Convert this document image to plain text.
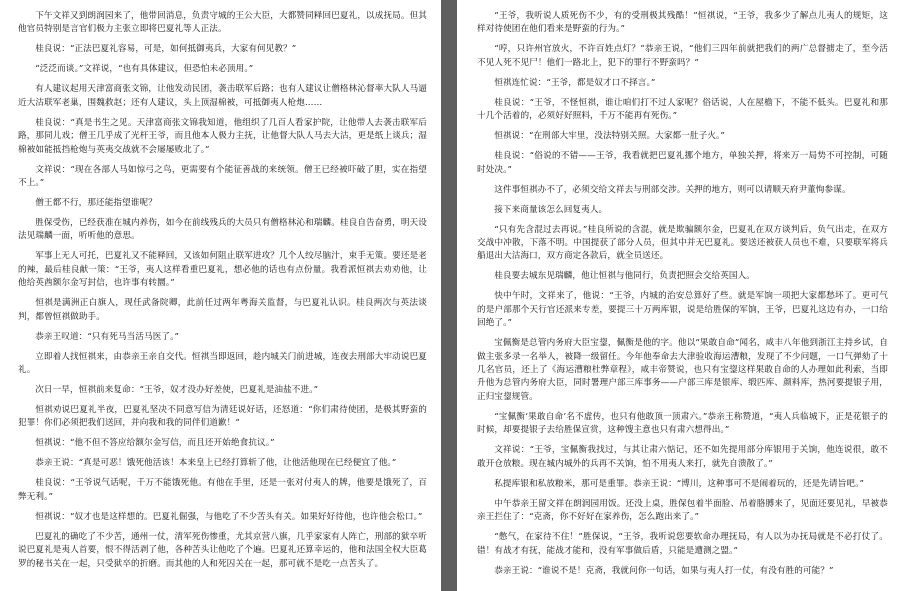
下午文祥又到朗润园来了，他带回消息，负责守城的王公大臣，大都赞同释回巴夏礼，以成抚局。但其他官员特别是言官们极力主张立即将巴夏礼等人正法。

桂良说：“正法巴夏礼容易，可是，如何抵御夷兵，大家有何见教？”

“泛泛而谈。”文祥说，“也有具体建议，但恐怕未必顶用。”

有人建议起用天津富商张文锦，让他发动民团，袭击联军后路；也有人建议让僧格林沁督率大队人马逼近大沽联军老巢，围魏救赵；还有人建议，头上顶湿棉被，可抵御夷人枪炮……

桂良说：“真是书生之见。天津富商张文锦我知道，他组织了几百人看家护院，让他带人去袭击联军后路，那同儿戏；僧王几乎成了光杆王爷，而且他本人极力主抚，让他督大队人马去大沽，更是纸上谈兵；湿棉被如能抵挡枪炮与英夷交战就不会屡屡败北了。”

文祥说：“现在各部人马如惊弓之鸟，更需要有个能征善战的来统领。僧王已经被吓破了胆，实在指望不上。”

僧王都不行，那还能指望谁呢？

胜保受伤，已经获准在城内养伤，如今在前线残兵的大员只有僧格林沁和瑞麟。桂良自告奋勇，明天设法见瑞麟一面，听听他的意思。

军事上无人可托，巴夏礼又不能释回，又该如何阻止联军进攻？几个人绞尽脑汁，束手无策。要还是老的辣，最后桂良献一策：“王爷，夷人这样看重巴夏礼，想必他的话也有点份量。我看派恒祺去劝劝他，让他给英酋额尔金写封信，也许事有转圜。”

恒祺是满洲正白旗人，现任武备院卿，此前任过两年粤海关监督，与巴夏礼认识。桂良两次与英法谈判，都曾恒祺做助手。

恭亲王叹道：“只有死马当活马医了。”

立即着人找恒祺来，由恭亲王亲自交代。恒祺当即返回，趁内城关门前进城，连夜去刑部大牢动说巴夏礼。

次日一早，恒祺前来复命：“王爷，奴才没办好差使，巴夏礼是油盐不进。”

恒祺劝说巴夏礼半夜，巴夏礼坚决不同意写信为清廷说好话，还怒道：“你们肃待使团，是极其野蛮的犯罪！你们必须把我们送回，并向我和我的同伴们道歉！”

恒祺说：“他不但不答应给额尔金写信，而且还开始绝食抗议。”

恭亲王说：“真是可恶！饿死他活该！本来皇上已经打算斩了他，让他活他现在已经便宜了他。”

桂良说：“王爷说气话呢，千万不能饿死他。有他在手里，还是一张对付夷人的牌，他要是饿死了，百弊无利。”

恒祺说：“奴才也是这样想的。巴夏礼倔强，与他吃了不少苦头有关。如果好好待他，也许他会松口。”

巴夏礼的确吃了不少苦，通州一仗，清军死伤惨重，尤其京营八旗，几乎家家有人阵亡，刑部的狱卒听说巴夏礼是夷人首要，恨不得活剥了他，各种苦头让他吃了个遍。巴夏礼还算幸运的，他和法国全权大臣葛罗的秘书关在一起，只受狱卒的折磨。而其他的人和死囚关在一起，那可就不是吃一点苦头了。

“王爷，我听说人质死伤不少，有的受刑极其残酷！”恒祺说，“王爷，我多少了解点儿夷人的规矩，这样对待使团在他们看来是野蛮的行为。”

“哼，只许州官放火，不许百姓点灯？”恭亲王说，“他们三四年前就把我们的两广总督掳走了，至今活不见人死不见尸！他们一路北上，犯下的罪行不野蛮吗？”

恒祺连忙说：“王爷，都是奴才口不择言。”

桂良说：“王爷，不怪恒祺，谁让咱们打不过人家呢？俗话说，人在屋檐下，不能不低头。巴夏礼和那十几个活着的，必须好好照料，千万不能再有死伤。”

恒祺说：“在刑部大牢里，没法特别关照。大家都一肚子火。”

桂良说：“俗说的不错——王爷，我看就把巴夏礼挪个地方，单独关押，将来万一局势不可控制，可随时处决。”

这件事恒祺办不了，必须交给文祥去与刑部交涉。关押的地方，则可以请顺天府尹董恂参谋。

接下来商量该怎么回复夷人。

“只有先含混过去再说。”桂良所说的含混，就是欺骗额尔金，巴夏礼在双方谈判后，负气出走，在双方交战中冲散，下落不明。中国提获了部分人员，但其中并无巴夏礼。要送还被获人员也不难，只要联军将兵船退出大沽海口，双方商定各款后，就全员送还。

桂良要去城东见瑞麟，他让恒祺与他同行，负责把照会交给英国人。

快中午时，文祥来了，他说：“王爷，内城的治安总算好了些。就是军饷一项把大家都愁坏了。更可气的是户部那个天行官还派来专差，要提三十万两库银，说是给胜保的军饷，王爷，巴夏礼这边有办，一口给回绝了。”

宝佩衡是总管内务府大臣宝鋆，佩衡是他的字。他以“果敢自命”闻名，咸丰八年他到浙江主持乡试，自做主张多录一名举人，被降一级留任。今年他奉命去大津验收海运漕粮，发现了不少问题，一口气弹劾了十几名官员，还上了《海运漕粮杜弊章程》，咸丰帝赞说，也只有宝鋆这样果敢自命的人办理如此利索，当即升他为总管内务府大臣，同时署理户部三库事务——户部三库是银库、缎匹库、颜料库，热河要提银子用，正归宝鋆规管。

“宝佩衡‘果敢自命’名不虚传，也只有他敢顶一顶肃六。”恭亲王称赞道，“夷人兵临城下，正是花银子的时候，却要提银子去给胜保宣赏，这种馊主意也只有肃六想得出。”

文祥说：“王爷，宝佩衡我找过，与其让肃六惦记，还不如先提用部分库银用于关饷，他连说很，敢不敢开仓放粮。现在城内城外的兵再不关饷，怕不用夷人来打，就先自溃散了。”

私提库银和私放粮米，那可是重罪。恭亲王说：“博川，这种事可不是闹着玩的，还是先请旨吧。”

中午恭亲王留文祥在朗润园用饭。还没上桌，胜保包着半面脸、吊着胳膊来了，见面还要见礼，早被恭亲王拦住了：“克斋，你不好好在家养伤，怎么跑出来了。”

“憋气，在家待不住！”胜保说，“王爷，我听说您要软命办理抚局，有人以为办抚局就是不必打仗了。错！有战才有抚，能战才能和，没有军事做后盾，只能是遭测之盟。”

恭亲王说：“谁说不是！克斋，我就问你一句话，如果与夷人打一仗，有没有胜的可能？”
